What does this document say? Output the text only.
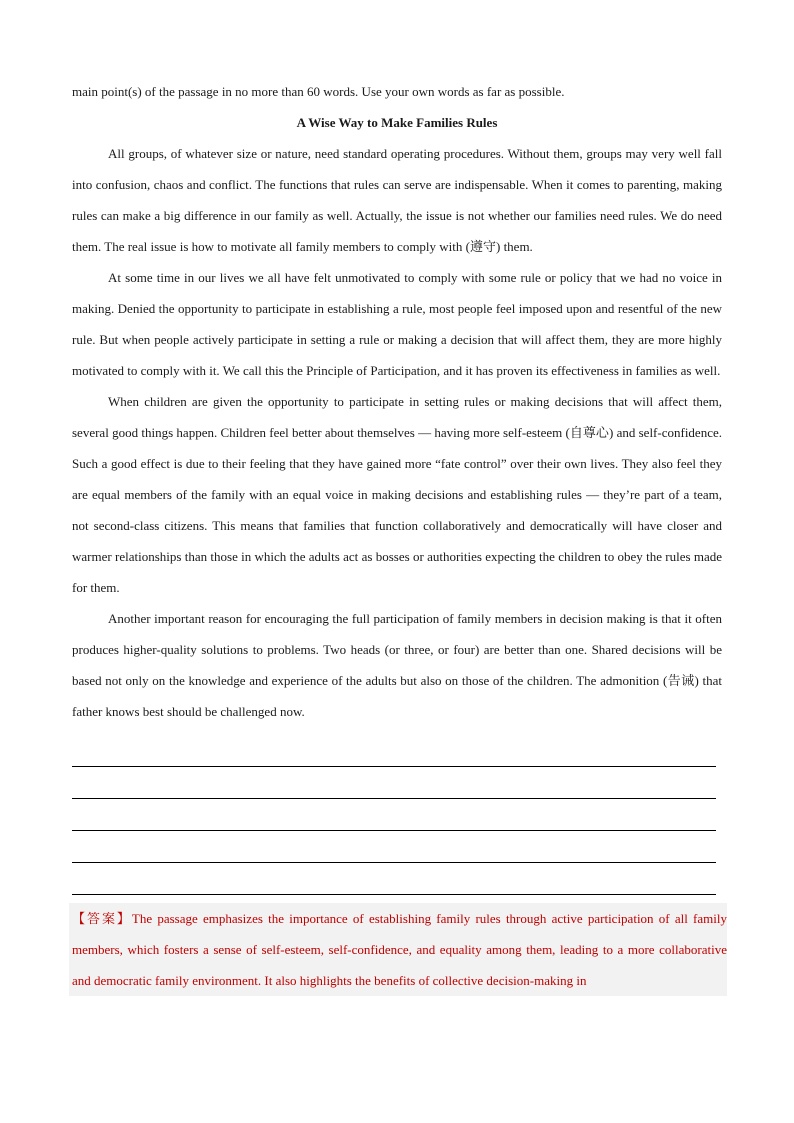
main point(s) of the passage in no more than 60 words. Use your own words as far as possible.
A Wise Way to Make Families Rules

All groups, of whatever size or nature, need standard operating procedures. Without them, groups may very well fall into confusion, chaos and conflict. The functions that rules can serve are indispensable. When it comes to parenting, making rules can make a big difference in our family as well. Actually, the issue is not whether our families need rules. We do need them. The real issue is how to motivate all family members to comply with (遵守) them.

At some time in our lives we all have felt unmotivated to comply with some rule or policy that we had no voice in making. Denied the opportunity to participate in establishing a rule, most people feel imposed upon and resentful of the new rule. But when people actively participate in setting a rule or making a decision that will affect them, they are more highly motivated to comply with it. We call this the Principle of Participation, and it has proven its effectiveness in families as well.

When children are given the opportunity to participate in setting rules or making decisions that will affect them, several good things happen. Children feel better about themselves — having more self-esteem (自尊心) and self-confidence. Such a good effect is due to their feeling that they have gained more “fate control” over their own lives. They also feel they are equal members of the family with an equal voice in making decisions and establishing rules — they’re part of a team, not second-class citizens. This means that families that function collaboratively and democratically will have closer and warmer relationships than those in which the adults act as bosses or authorities expecting the children to obey the rules made for them.

Another important reason for encouraging the full participation of family members in decision making is that it often produces higher-quality solutions to problems. Two heads (or three, or four) are better than one. Shared decisions will be based not only on the knowledge and experience of the adults but also on those of the children. The admonition (告诫) that father knows best should be challenged now.

【答案】The passage emphasizes the importance of establishing family rules through active participation of all family members, which fosters a sense of self-esteem, self-confidence, and equality among them, leading to a more collaborative and democratic family environment. It also highlights the benefits of collective decision-making in
